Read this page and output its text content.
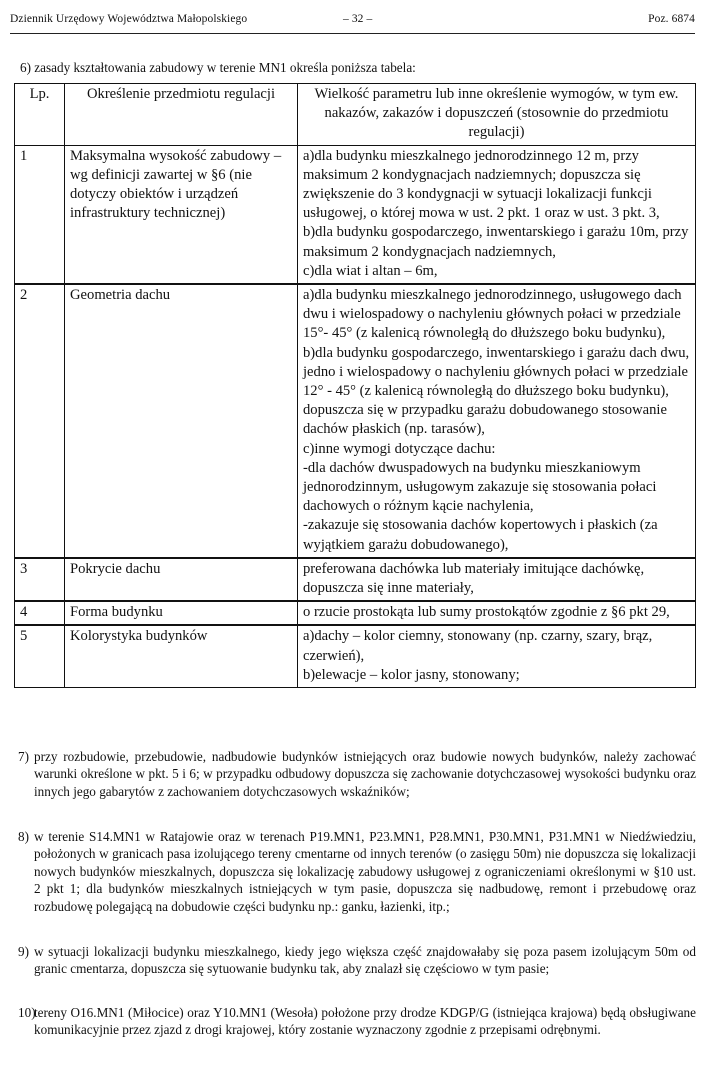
Dziennik Urzędowy Województwa Małopolskiego	– 32 –	Poz. 6874
6) zasady kształtowania zabudowy w terenie MN1 określa poniższa tabela:
Lp.	Określenie przedmiotu regulacji	Wielkość parametru lub inne określenie wymogów, w tym ew. nakazów, zakazów i dopuszczeń (stosownie do przedmiotu regulacji)
1	Maksymalna wysokość zabudowy – wg definicji zawartej w §6 (nie dotyczy obiektów i urządzeń infrastruktury technicznej)	a)dla budynku mieszkalnego jednorodzinnego 12 m, przy maksimum 2 kondygnacjach nadziemnych; dopuszcza się zwiększenie do 3 kondygnacji w sytuacji lokalizacji funkcji usługowej, o której mowa w ust. 2 pkt. 1 oraz w ust. 3 pkt. 3,
b)dla budynku gospodarczego, inwentarskiego i garażu 10m, przy maksimum 2 kondygnacjach nadziemnych,
c)dla wiat i altan – 6m,

2	Geometria dachu	a)dla budynku mieszkalnego jednorodzinnego, usługowego dach dwu i wielospadowy o nachyleniu głównych połaci w przedziale 15°- 45° (z kalenicą równoległą do dłuższego boku budynku),
b)dla budynku gospodarczego, inwentarskiego i garażu dach dwu, jedno i wielospadowy o nachyleniu głównych połaci w przedziale 12° - 45° (z kalenicą równoległą do dłuższego boku budynku), dopuszcza się w przypadku garażu dobudowanego stosowanie dachów płaskich (np. tarasów),
c)inne wymogi dotyczące dachu:
-dla dachów dwuspadowych na budynku mieszkaniowym jednorodzinnym, usługowym zakazuje się stosowania połaci dachowych o różnym kącie nachylenia,
-zakazuje się stosowania dachów kopertowych i płaskich (za wyjątkiem garażu dobudowanego),

3	Pokrycie dachu	preferowana dachówka lub materiały imitujące dachówkę, dopuszcza się inne materiały,

4	Forma budynku	o rzucie prostokąta lub sumy prostokątów zgodnie z §6 pkt 29,

5	Kolorystyka budynków	a)dachy – kolor ciemny, stonowany (np. czarny, szary, brąz, czerwień),
b)elewacje – kolor jasny, stonowany;
7) przy rozbudowie, przebudowie, nadbudowie budynków istniejących oraz budowie nowych budynków, należy zachować warunki określone w pkt. 5 i 6; w przypadku odbudowy dopuszcza się zachowanie dotychczasowej wysokości budynku oraz innych jego gabarytów z zachowaniem dotychczasowych wskaźników;
8) w terenie S14.MN1 w Ratajowie oraz w terenach P19.MN1, P23.MN1, P28.MN1, P30.MN1, P31.MN1 w Niedźwiedziu, położonych w granicach pasa izolującego tereny cmentarne od innych terenów (o zasięgu 50m) nie dopuszcza się lokalizacji nowych budynków mieszkalnych, dopuszcza się lokalizację zabudowy usługowej z ograniczeniami określonymi w §10 ust. 2 pkt 1; dla budynków mieszkalnych istniejących w tym pasie, dopuszcza się nadbudowę, remont i przebudowę oraz rozbudowę polegającą na dobudowie części budynku np.: ganku, łazienki, itp.;
9) w sytuacji lokalizacji budynku mieszkalnego, kiedy jego większa część znajdowałaby się poza pasem izolującym 50m od granic cmentarza, dopuszcza się sytuowanie budynku tak, aby znalazł się częściowo w tym pasie;
10)
tereny O16.MN1 (Miłocice) oraz Y10.MN1 (Wesoła) położone przy drodze KDGP/G (istniejąca krajowa) będą obsługiwane komunikacyjnie przez zjazd z drogi krajowej, który zostanie wyznaczony zgodnie z przepisami odrębnymi.
